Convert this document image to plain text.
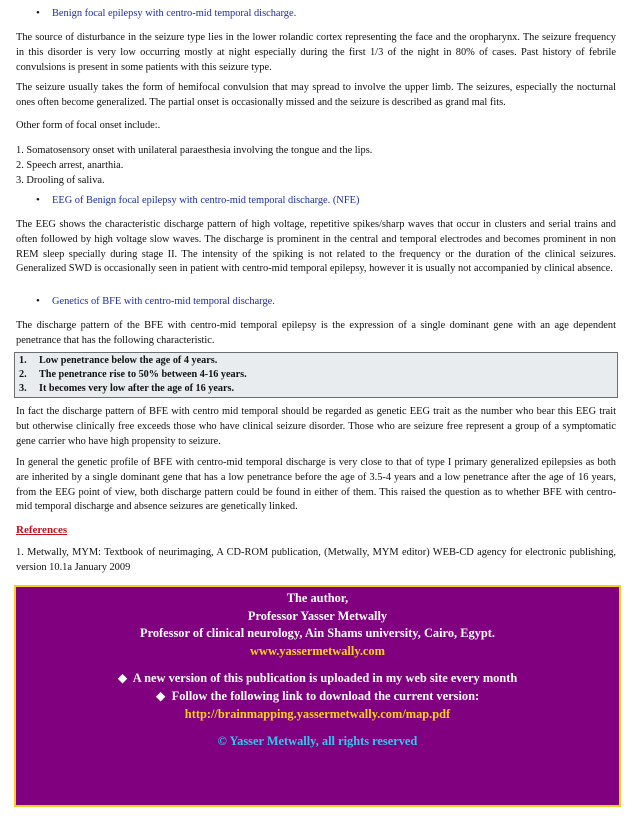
• Benign focal epilepsy with centro-mid temporal discharge.

The source of disturbance in the seizure type lies in the lower rolandic cortex representing the face and the oropharynx. The seizure frequency in this disorder is very low occurring mostly at night especially during the first 1/3 of the night in 80% of cases. Past history of febrile convulsions is present in some patients with this seizure type.

The seizure usually takes the form of hemifocal convulsion that may spread to involve the upper limb. The seizures, especially the nocturnal ones often become generalized. The partial onset is occasionally missed and the seizure is described as grand mal fits.

Other form of focal onset include:.

1. Somatosensory onset with unilateral paraesthesia involving the tongue and the lips.
2. Speech arrest, anarthia.
3. Drooling of saliva.
• EEG of Benign focal epilepsy with centro-mid temporal discharge. (NFE)

The EEG shows the characteristic discharge pattern of high voltage, repetitive spikes/sharp waves that occur in clusters and serial trains and often followed by high voltage slow waves. The discharge is prominent in the central and temporal electrodes and becomes prominent in non REM sleep specially during stage II. The intensity of the spiking is not related to the frequency or the duration of the clinical seizures. Generalized SWD is occasionally seen in patient with centro-mid temporal epilepsy, however it is usually not accompanied by clinical absence.

• Genetics of BFE with centro-mid temporal discharge.

The discharge pattern of the BFE with centro-mid temporal epilepsy is the expression of a single dominant gene with an age dependent penetrance that has the following characteristic.

1. Low penetrance below the age of 4 years.
2. The penetrance rise to 50% between 4-16 years.
3. It becomes very low after the age of 16 years.

In fact the discharge pattern of BFE with centro mid temporal should be regarded as genetic EEG trait as the number who bear this EEG trait but otherwise clinically free exceeds those who have clinical seizure disorder. Those who are seizure free represent a group of a symptomatic gene carrier who have high propensity to seizure.

In general the genetic profile of BFE with centro-mid temporal discharge is very close to that of type I primary generalized epilepsies as both are inherited by a single dominant gene that has a low penetrance before the age of 3.5-4 years and a low penetrance after the age of 16 years, from the EEG point of view, both discharge pattern could be found in either of them. This raised the question as to whether BFE with centro-mid temporal discharge and absence seizures are genetically linked.

References

1. Metwally, MYM: Textbook of neurimaging, A CD-ROM publication, (Metwally, MYM editor) WEB-CD agency for electronic publishing, version 10.1a January 2009

The author,
Professor Yasser Metwally
Professor of clinical neurology, Ain Shams university, Cairo, Egypt.
www.yassermetwally.com
◆ A new version of this publication is uploaded in my web site every month
◆ Follow the following link to download the current version:
http://brainmapping.yassermetwally.com/map.pdf
© Yasser Metwally, all rights reserved
